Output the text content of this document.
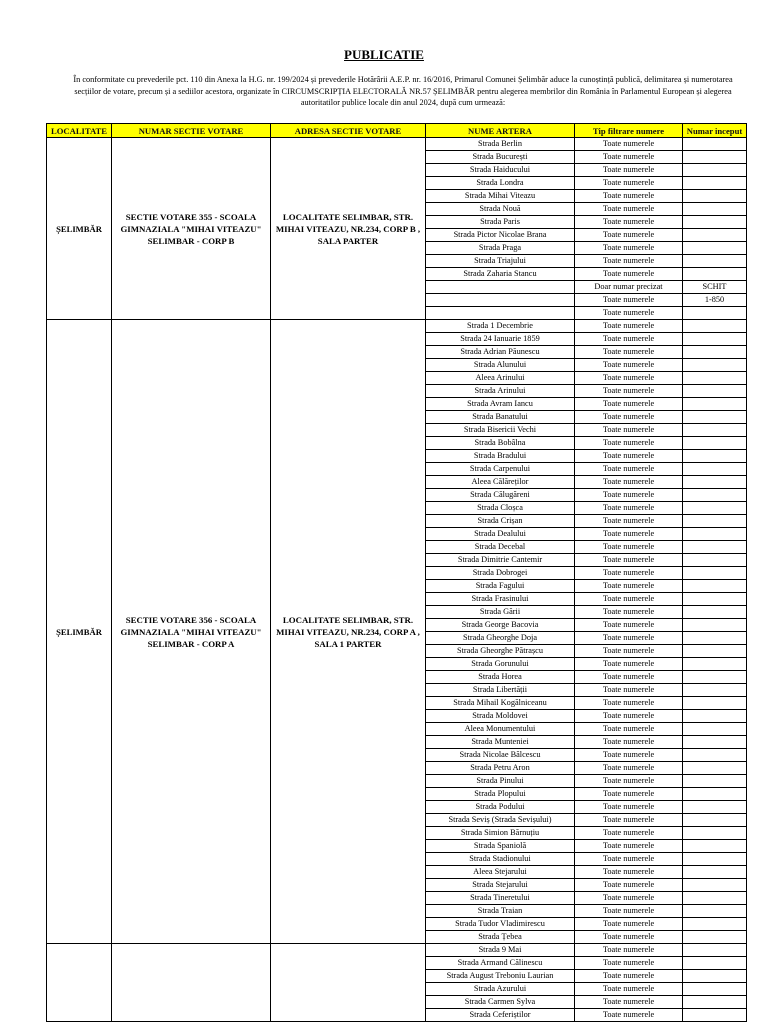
PUBLICATIE
În conformitate cu prevederile pct. 110 din Anexa la H.G. nr. 199/2024 și prevederile Hotărârii A.E.P. nr. 16/2016, Primarul Comunei Șelimbăr aduce la cunoștință publică, delimitarea și numerotarea secțiilor de votare, precum și a sediilor acestora, organizate în CIRCUMSCRIPȚIA ELECTORALĂ NR.57 ȘELIMBĂR pentru alegerea membrilor din România în Parlamentul European și alegerea autoritatilor publice locale din anul 2024, după cum urmează:
LOCALITATE	NUMAR SECTIE VOTARE	ADRESA SECTIE VOTARE	NUME ARTERA	Tip filtrare numere	Numar inceput
ȘELIMBĂR	SECTIE VOTARE 355 - SCOALA GIMNAZIALA "MIHAI VITEAZU" SELIMBAR - CORP B	LOCALITATE SELIMBAR, STR. MIHAI VITEAZU, NR.234, CORP B , SALA PARTER	Strada Berlin	Toate numerele	
			Strada București	Toate numerele	
			Strada Haiducului	Toate numerele	
			Strada Londra	Toate numerele	
			Strada Mihai Viteazu	Toate numerele	
			Strada Nouă	Toate numerele	
			Strada Paris	Toate numerele	
			Strada Pictor Nicolae Brana	Toate numerele	
			Strada Praga	Toate numerele	
			Strada Triajului	Toate numerele	
			Strada Zaharia Stancu	Toate numerele	
				Doar numar precizat	SCHIT
				Toate numerele	1-850
				Toate numerele	
ȘELIMBĂR	SECTIE VOTARE 356 - SCOALA GIMNAZIALA "MIHAI VITEAZU" SELIMBAR - CORP A	LOCALITATE SELIMBAR, STR. MIHAI VITEAZU, NR.234, CORP A , SALA 1 PARTER	Strada 1 Decembrie	Toate numerele	
			Strada 24 Ianuarie 1859	Toate numerele	
			Strada Adrian Păunescu	Toate numerele	
			Strada Alunului	Toate numerele	
			Aleea Arinului	Toate numerele	
			Strada Arinului	Toate numerele	
			Strada Avram Iancu	Toate numerele	
			Strada Banatului	Toate numerele	
			Strada Bisericii Vechi	Toate numerele	
			Strada Bobâlna	Toate numerele	
			Strada Bradului	Toate numerele	
			Strada Carpenului	Toate numerele	
			Aleea Călăreților	Toate numerele	
			Strada Călugăreni	Toate numerele	
			Strada Cloșca	Toate numerele	
			Strada Crișan	Toate numerele	
			Strada Dealului	Toate numerele	
			Strada Decebal	Toate numerele	
			Strada Dimitrie Cantemir	Toate numerele	
			Strada Dobrogei	Toate numerele	
			Strada Fagului	Toate numerele	
			Strada Frasinului	Toate numerele	
			Strada Gării	Toate numerele	
			Strada George Bacovia	Toate numerele	
			Strada Gheorghe Doja	Toate numerele	
			Strada Gheorghe Pătrașcu	Toate numerele	
			Strada Gorunului	Toate numerele	
			Strada Horea	Toate numerele	
			Strada Libertății	Toate numerele	
			Strada Mihail Kogălniceanu	Toate numerele	
			Strada Moldovei	Toate numerele	
			Aleea Monumentului	Toate numerele	
			Strada Munteniei	Toate numerele	
			Strada Nicolae Bălcescu	Toate numerele	
			Strada Petru Aron	Toate numerele	
			Strada Pinului	Toate numerele	
			Strada Plopului	Toate numerele	
			Strada Podului	Toate numerele	
			Strada Seviș (Strada Sevișului)	Toate numerele	
			Strada Simion Bărnuțiu	Toate numerele	
			Strada Spaniolă	Toate numerele	
			Strada Stadionului	Toate numerele	
			Aleea Stejarului	Toate numerele	
			Strada Stejarului	Toate numerele	
			Strada Tineretului	Toate numerele	
			Strada Traian	Toate numerele	
			Strada Tudor Vladimirescu	Toate numerele	
			Strada Țebea	Toate numerele	
			Strada 9 Mai	Toate numerele	
			Strada Armand Călinescu	Toate numerele	
			Strada August Treboniu Laurian	Toate numerele	
			Strada Azurului	Toate numerele	
			Strada Carmen Sylva	Toate numerele	
			Strada Ceferiștilor	Toate numerele	
